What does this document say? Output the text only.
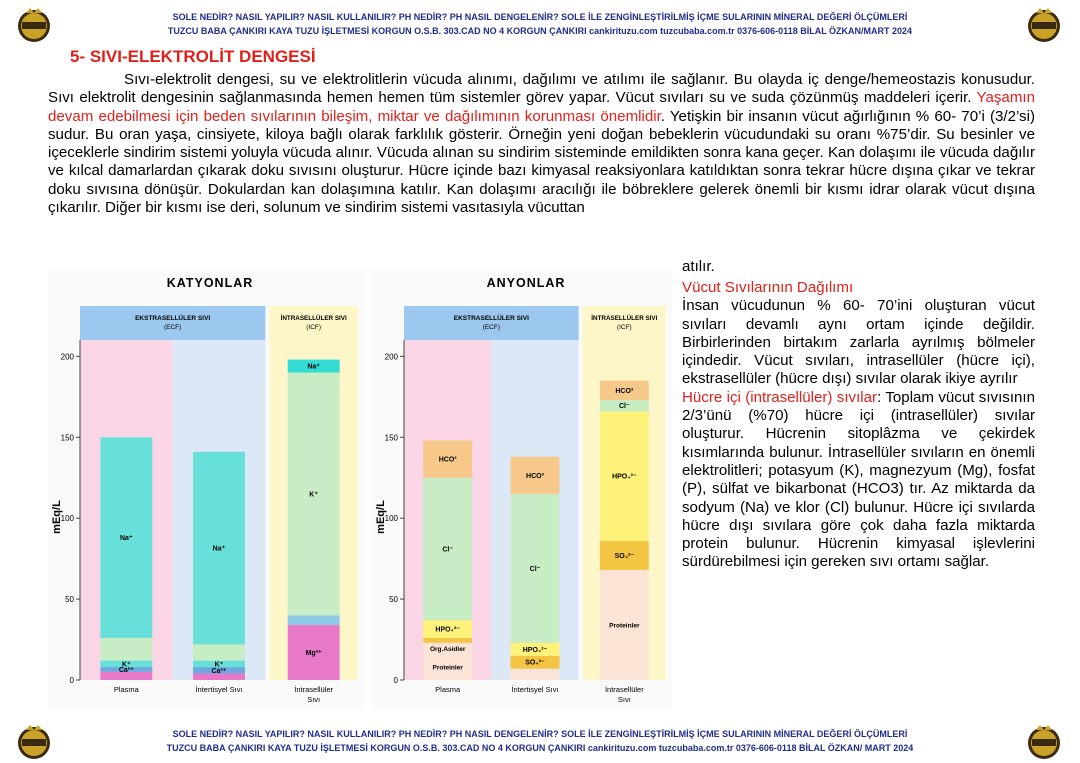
SOLE NEDİR? NASIL YAPILIR? NASIL KULLANILIR? PH NEDİR? PH NASIL DENGELENİR? SOLE İLE ZENGİNLEŞTİRİLMİŞ İÇME SULARININ MİNERAL DEĞERİ ÖLÇÜMLERİ
TUZCU BABA ÇANKIRI KAYA TUZU İŞLETMESİ KORGUN O.S.B. 303.CAD NO 4 KORGUN ÇANKIRI cankirituzu.com tuzcubaba.com.tr 0376-606-0118 BİLAL ÖZKAN/MART 2024
5- SIVI-ELEKTROLİT DENGESİ
Sıvı-elektrolit dengesi, su ve elektrolitlerin vücuda alınımı, dağılımı ve atılımı ile sağlanır. Bu olayda iç denge/hemeostazis konusudur. Sıvı elektrolit dengesinin sağlanmasında hemen hemen tüm sistemler görev yapar. Vücut sıvıları su ve suda çözünmüş maddeleri içerir. Yaşamın devam edebilmesi için beden sıvılarının bileşim, miktar ve dağılımının korunması önemlidir. Yetişkin bir insanın vücut ağırlığının % 60- 70’i (3/2’si) sudur. Bu oran yaşa, cinsiyete, kiloya bağlı olarak farklılık gösterir. Örneğin yeni doğan bebeklerin vücudundaki su oranı %75’dir. Su besinler ve içeceklerle sindirim sistemi yoluyla vücuda alınır. Vücuda alınan su sindirim sisteminde emildikten sonra kana geçer. Kan dolaşımı ile vücuda dağılır ve kılcal damarlardan çıkarak doku sıvısını oluşturur. Hücre içinde bazı kimyasal reaksiyonlara katıldıktan sonra tekrar hücre dışına çıkar ve tekrar doku sıvısına dönüşür. Dokulardan kan dolaşımına katılır. Kan dolaşımı aracılığı ile böbreklere gelerek önemli bir kısmı idrar olarak vücut dışına çıkarılır. Diğer bir kısmı ise deri, solunum ve sindirim sistemi vasıtasıyla vücuttan
atılır.
Vücut Sıvılarının Dağılımı
İnsan vücudunun % 60- 70’ini oluşturan vücut sıvıları devamlı aynı ortam içinde değildir. Birbirlerinden birtakım zarlarla ayrılmış bölmeler içindedir. Vücut sıvıları, intrasellüler (hücre içi), ekstrasellüler (hücre dışı) sıvılar olarak ikiye ayrılır
Hücre içi (intrasellüler) sıvılar: Toplam vücut sıvısının 2/3’ünü (%70) hücre içi (intrasellüler) sıvılar oluşturur. Hücrenin sitoplâzma ve çekirdek kısımlarında bulunur. İntrasellüler sıvıların en önemli elektrolitleri; potasyum (K), magnezyum (Mg), fosfat (P), sülfat ve bikarbonat (HCO3) tır. Az miktarda da sodyum (Na) ve klor (Cl) bulunur. Hücre içi sıvılarda hücre dışı sıvılara göre çok daha fazla miktarda protein bulunur. Hücrenin kimyasal işlevlerini sürdürebilmesi için gereken sıvı ortamı sağlar.
KATYONLAR
EKSTRASELLÜLER SIVI
(ECF)
İNTRASELLÜLER SIVI
(ICF)
0
50
100
150
200
mEq/L
Ca²⁺
K⁺
Na⁺
Ca²⁺
K⁺
Na⁺
Mg²⁺
K⁺
Na⁺
Plasma	İntertisyel Sıvı	İntrasellüler
Sıvı
ANYONLAR
EKSTRASELLÜLER SIVI
(ECF)
İNTRASELLÜLER SIVI
(ICF)
0
50
100
150
200
mEq/L
Proteinler
Org.Asidler
HPO₄²⁻
Cl⁻
HCO³
SO₄²⁻
HPO₄²⁻
Cl⁻
HCO³
Proteinler
SO₄²⁻
HPO₄²⁻
Cl⁻
HCO³
Plasma	İntertisyel Sıvı	İntrasellüler
Sıvı
SOLE NEDİR? NASIL YAPILIR? NASIL KULLANILIR? PH NEDİR? PH NASIL DENGELENİR? SOLE İLE ZENGİNLEŞTİRİLMİŞ İÇME SULARININ MİNERAL DEĞERİ ÖLÇÜMLERİ
TUZCU BABA ÇANKIRI KAYA TUZU İŞLETMESİ KORGUN O.S.B. 303.CAD NO 4 KORGUN ÇANKIRI cankirituzu.com tuzcubaba.com.tr 0376-606-0118 BİLAL ÖZKAN/ MART 2024
